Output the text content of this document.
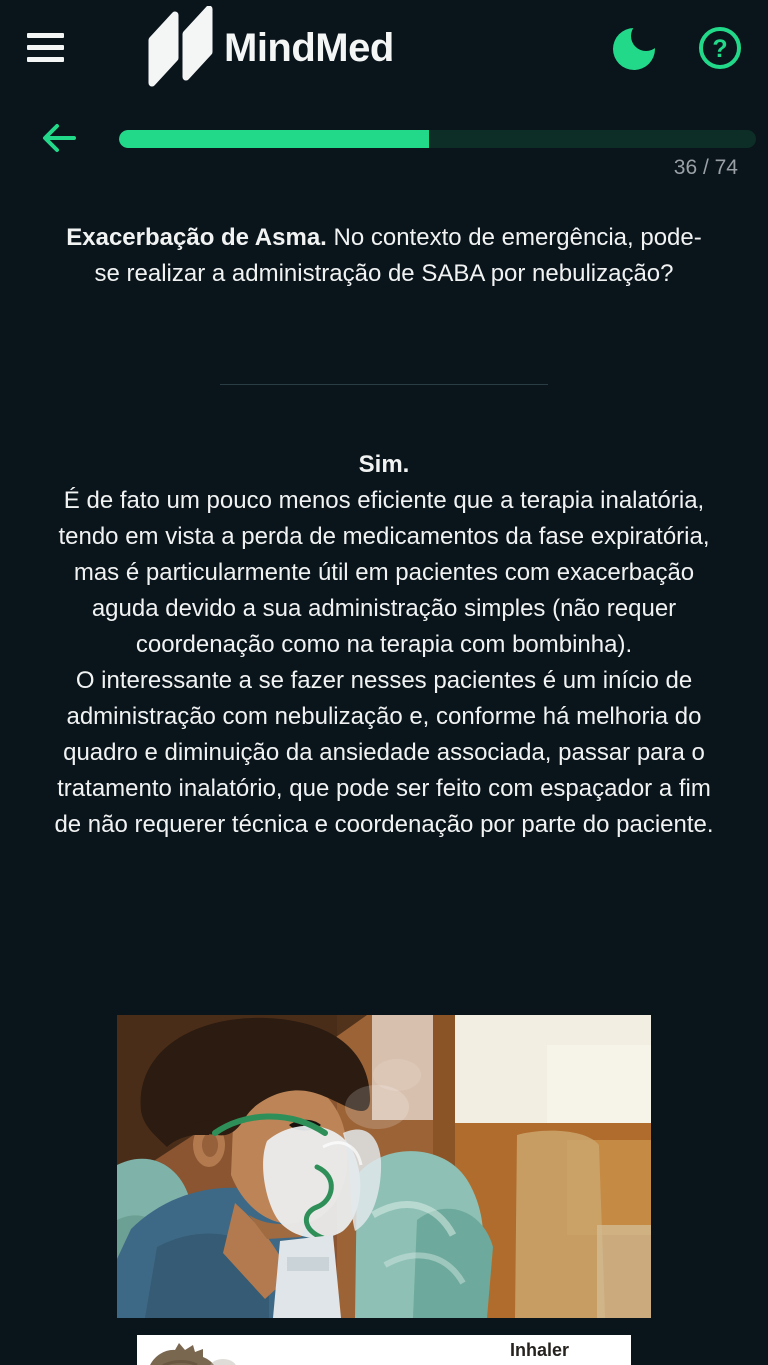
MindMed	?
36 / 74

Exacerbação de Asma. No contexto de emergência, pode-se realizar a administração de SABA por nebulização?

Sim.

É de fato um pouco menos eficiente que a terapia inalatória, tendo em vista a perda de medicamentos da fase expiratória, mas é particularmente útil em pacientes com exacerbação aguda devido a sua administração simples (não requer coordenação como na terapia com bombinha).

O interessante a se fazer nesses pacientes é um início de administração com nebulização e, conforme há melhoria do quadro e diminuição da ansiedade associada, passar para o tratamento inalatório, que pode ser feito com espaçador a fim de não requerer técnica e coordenação por parte do paciente.

Inhaler
